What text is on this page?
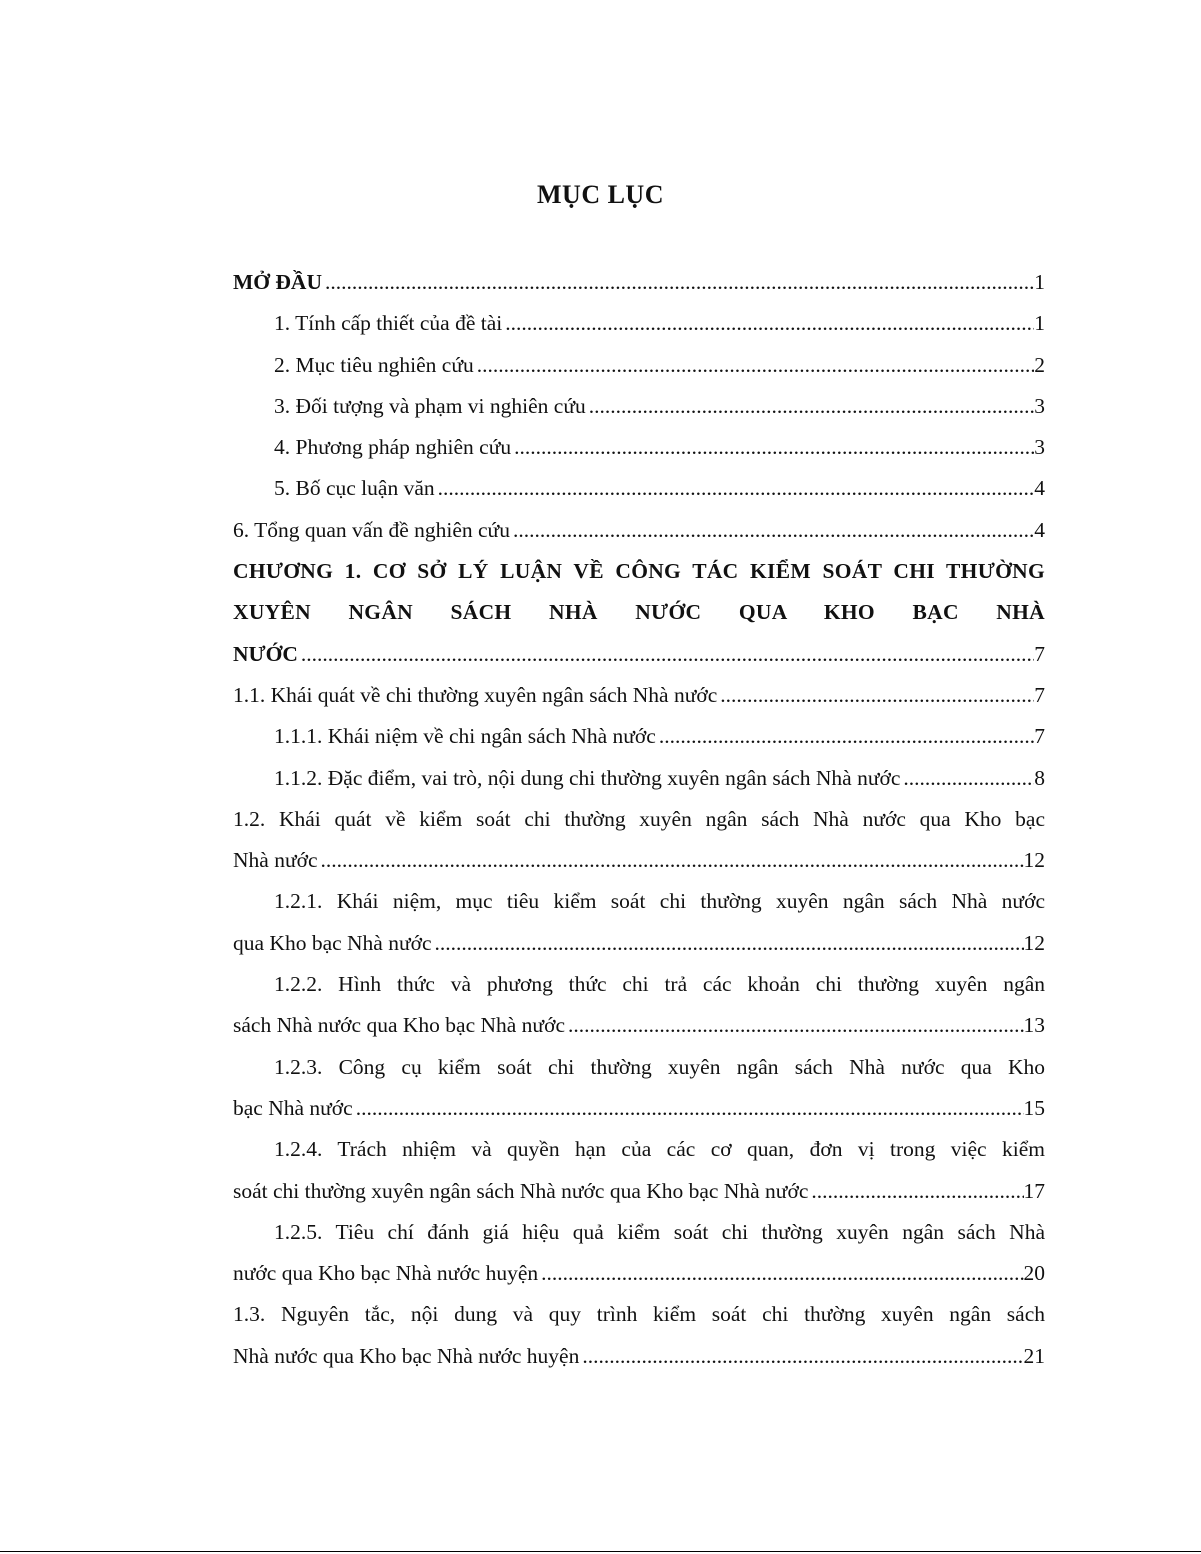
MỤC LỤC
MỞ ĐẦU .....	1
1. Tính cấp thiết của đề tài .....	1
2. Mục tiêu nghiên cứu .....	2
3. Đối tượng và phạm vi nghiên cứu .....	3
4. Phương pháp nghiên cứu .....	3
5. Bố cục luận văn .....	4
6. Tổng quan vấn đề nghiên cứu .....	4
CHƯƠNG 1. CƠ SỞ LÝ LUẬN VỀ CÔNG TÁC KIỂM SOÁT CHI THƯỜNG XUYÊN NGÂN SÁCH NHÀ NƯỚC QUA KHO BẠC NHÀ
NƯỚC .....	7
1.1. Khái quát về chi thường xuyên ngân sách Nhà nước .....	7
1.1.1. Khái niệm về chi ngân sách Nhà nước .....	7
1.1.2. Đặc điểm, vai trò, nội dung chi thường xuyên ngân sách Nhà nước .....	8
1.2. Khái quát về kiểm soát chi thường xuyên ngân sách Nhà nước qua Kho bạc
Nhà nước .....	12
1.2.1. Khái niệm, mục tiêu kiểm soát chi thường xuyên ngân sách Nhà nước
qua Kho bạc Nhà nước .....	12
1.2.2. Hình thức và phương thức chi trả các khoản chi thường xuyên ngân
sách Nhà nước qua Kho bạc Nhà nước .....	13
1.2.3. Công cụ kiểm soát chi thường xuyên ngân sách Nhà nước qua Kho
bạc Nhà nước .....	15
1.2.4. Trách nhiệm và quyền hạn của các cơ quan, đơn vị trong việc kiểm
soát chi thường xuyên ngân sách Nhà nước qua Kho bạc Nhà nước .....	17
1.2.5. Tiêu chí đánh giá hiệu quả kiểm soát chi thường xuyên ngân sách Nhà
nước qua Kho bạc Nhà nước huyện .....	20
1.3. Nguyên tắc, nội dung và quy trình kiểm soát chi thường xuyên ngân sách
Nhà nước qua Kho bạc Nhà nước huyện .....	21
